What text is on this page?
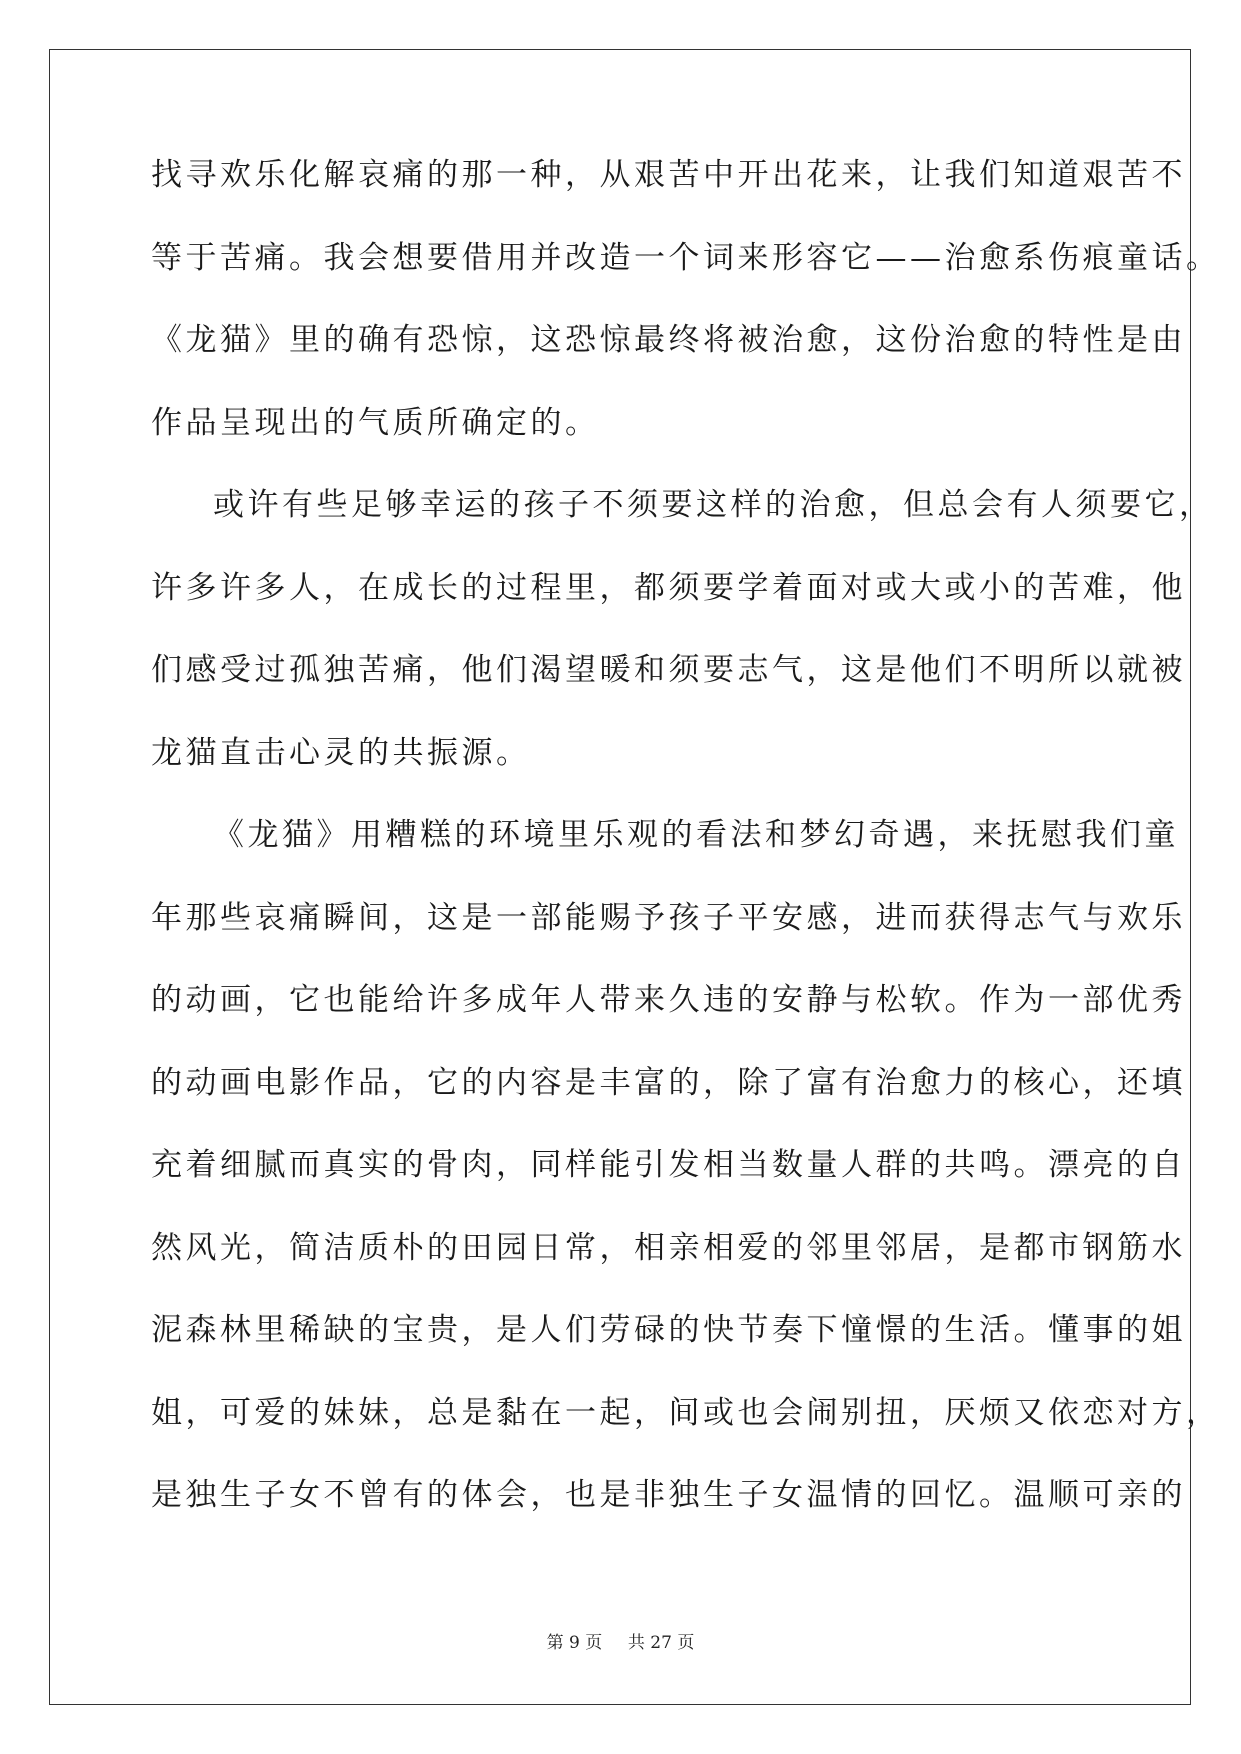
找寻欢乐化解哀痛的那一种，从艰苦中开出花来，让我们知道艰苦不
等于苦痛。我会想要借用并改造一个词来形容它——治愈系伤痕童话。
《龙猫》里的确有恐惊，这恐惊最终将被治愈，这份治愈的特性是由
作品呈现出的气质所确定的。
或许有些足够幸运的孩子不须要这样的治愈，但总会有人须要它，
许多许多人，在成长的过程里，都须要学着面对或大或小的苦难，他
们感受过孤独苦痛，他们渴望暖和须要志气，这是他们不明所以就被
龙猫直击心灵的共振源。
《龙猫》用糟糕的环境里乐观的看法和梦幻奇遇，来抚慰我们童
年那些哀痛瞬间，这是一部能赐予孩子平安感，进而获得志气与欢乐
的动画，它也能给许多成年人带来久违的安静与松软。作为一部优秀
的动画电影作品，它的内容是丰富的，除了富有治愈力的核心，还填
充着细腻而真实的骨肉，同样能引发相当数量人群的共鸣。漂亮的自
然风光，简洁质朴的田园日常，相亲相爱的邻里邻居，是都市钢筋水
泥森林里稀缺的宝贵，是人们劳碌的快节奏下憧憬的生活。懂事的姐
姐，可爱的妹妹，总是黏在一起，间或也会闹别扭，厌烦又依恋对方，
是独生子女不曾有的体会，也是非独生子女温情的回忆。温顺可亲的
第 9 页 共 27 页
